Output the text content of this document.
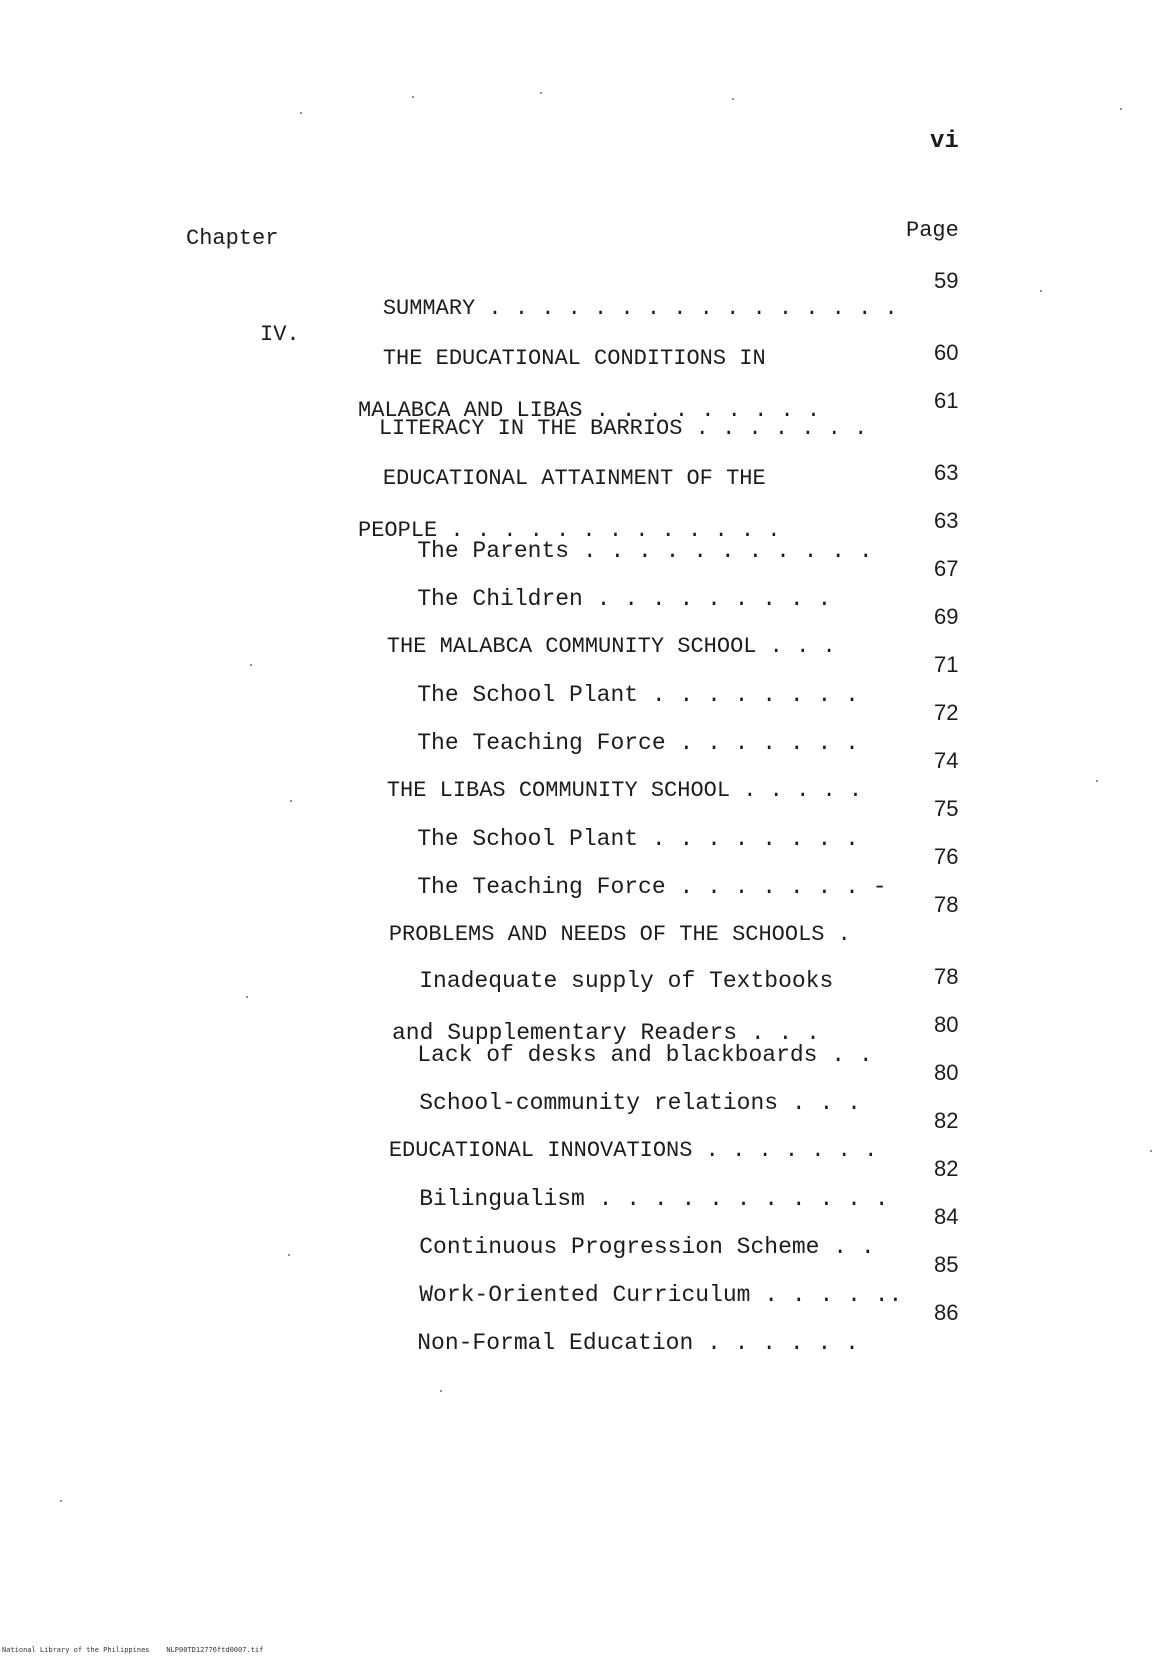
vi
Chapter	Page
IV.

SUMMARY . . . . . . . . . . . . . . . .

59

THE EDUCATIONAL CONDITIONS IN

MALABCA AND LIBAS . . . . . . . . .

60

LITERACY IN THE BARRIOS . . . . . . .

61

EDUCATIONAL ATTAINMENT OF THE

PEOPLE . . . . . . . . . . . . .

63

The Parents . . . . . . . . . . .

63

The Children . . . . . . . . .

67

THE MALABCA COMMUNITY SCHOOL . . .

69

The School Plant . . . . . . . .

71

The Teaching Force . . . . . . .

72

THE LIBAS COMMUNITY SCHOOL . . . . .

74

The School Plant . . . . . . . .

75

The Teaching Force . . . . . . . -

76

PROBLEMS AND NEEDS OF THE SCHOOLS .

78

Inadequate supply of Textbooks

and Supplementary Readers . . .

78

Lack of desks and blackboards . .

80

School-community relations . . .

80

EDUCATIONAL INNOVATIONS . . . . . . .

82

Bilingualism . . . . . . . . . . .

82

Continuous Progression Scheme . .

84

Work-Oriented Curriculum . . . . ..

85

Non-Formal Education . . . . . .

86
National Library of the Philippines    NLP00TD12776ftd0007.tif
